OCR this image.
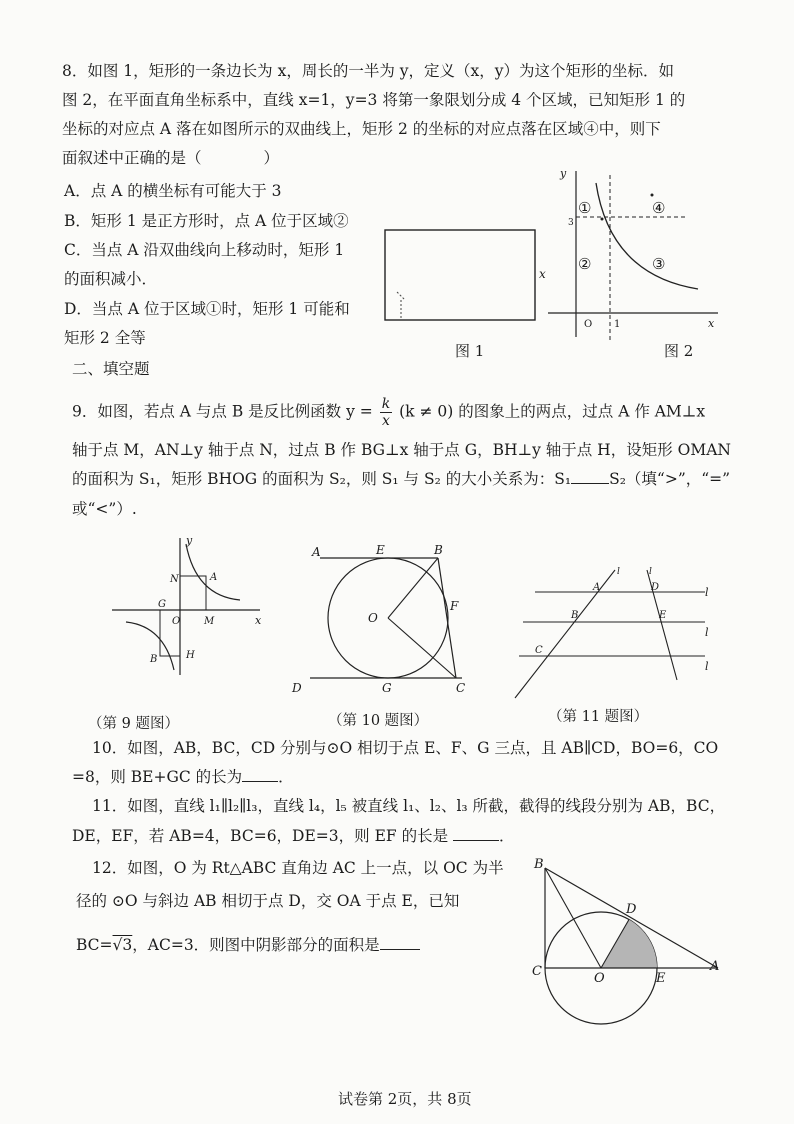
8．如图 1，矩形的一条边长为 x，周长的一半为 y，定义（x，y）为这个矩形的坐标．如
图 2，在平面直角坐标系中，直线 x=1，y=3 将第一象限划分成 4 个区域，已知矩形 1 的
坐标的对应点 A 落在如图所示的双曲线上，矩形 2 的坐标的对应点落在区域④中，则下
面叙述中正确的是（　　　　）
A．点 A 的横坐标有可能大于 3
B．矩形 1 是正方形时，点 A 位于区域②
C．当点 A 沿双曲线向上移动时，矩形 1
的面积减小．
D．当点 A 位于区域①时，矩形 1 可能和
矩形 2 全等
x
图 1
y
x
O 1
3
①	④
②	③
图 2
二、填空题
9．如图，若点 A 与点 B 是反比例函数 $y = \frac{k}{x} (k \ne 0)$ 的图象上的两点，过点 A 作 AM⊥x
轴于点 M，AN⊥y 轴于点 N，过点 B 作 BG⊥x 轴于点 G，BH⊥y 轴于点 H，设矩形 OMAN
的面积为 S₁，矩形 BHOG 的面积为 S₂，则 S₁ 与 S₂ 的大小关系为：S₁ S₂（填“>”，“=”
或“<”）.
y
x
N	A
G
O M
B	H
（第 9 题图）
A	E	B
O
F
D	G	C
（第 10 题图）
l	l
l
l
l
A	D
B	E
C
（第 11 题图）
10．如图，AB，BC，CD 分别与⊙O 相切于点 E、F、G 三点，且 AB∥CD，BO=6，CO
=8，则 BE+GC 的长为 ．
11．如图，直线 l₁∥l₂∥l₃，直线 l₄，l₅ 被直线 l₁、l₂、l₃ 所截，截得的线段分别为 AB，BC，
DE，EF，若 AB=4，BC=6，DE=3，则 EF 的长是	．
12．如图，O 为 Rt△ABC 直角边 AC 上一点，以 OC 为半
径的 ⊙O 与斜边 AB 相切于点 D，交 OA 于点 E，已知
BC=√3，AC=3．则图中阴影部分的面积是
B
D
C	O	E
A
试卷第 2页，共 8页
